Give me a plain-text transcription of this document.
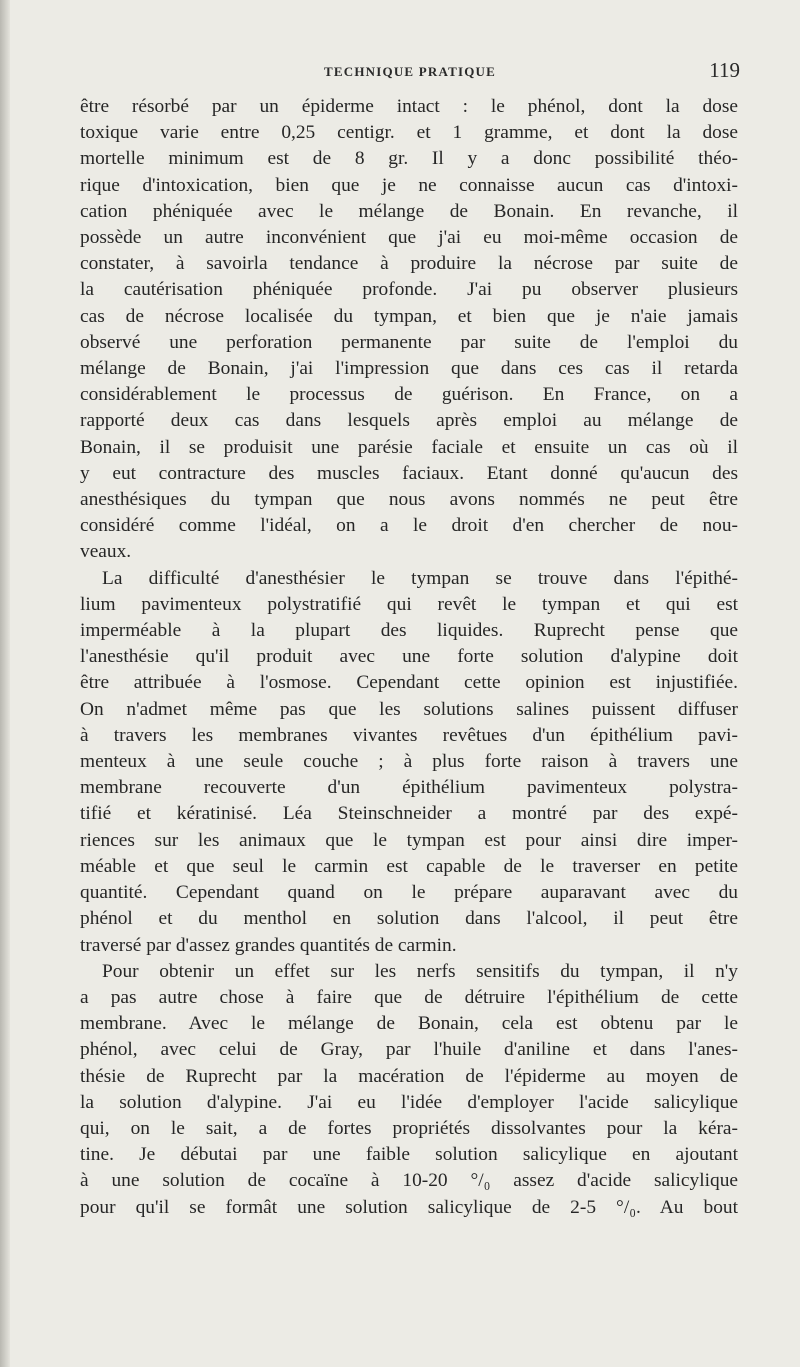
TECHNIQUE PRATIQUE	119
être résorbé par un épiderme intact : le phénol, dont la dose
toxique varie entre 0,25 centigr. et 1 gramme, et dont la dose
mortelle minimum est de 8 gr. Il y a donc possibilité théo-
rique d'intoxication, bien que je ne connaisse aucun cas d'intoxi-
cation phéniquée avec le mélange de Bonain. En revanche, il
possède un autre inconvénient que j'ai eu moi-même occasion de
constater, à savoirla tendance à produire la nécrose par suite de
la cautérisation phéniquée profonde. J'ai pu observer plusieurs
cas de nécrose localisée du tympan, et bien que je n'aie jamais
observé une perforation permanente par suite de l'emploi du
mélange de Bonain, j'ai l'impression que dans ces cas il retarda
considérablement le processus de guérison. En France, on a
rapporté deux cas dans lesquels après emploi au mélange de
Bonain, il se produisit une parésie faciale et ensuite un cas où il
y eut contracture des muscles faciaux. Etant donné qu'aucun des
anesthésiques du tympan que nous avons nommés ne peut être
considéré comme l'idéal, on a le droit d'en chercher de nou-
veaux.
La difficulté d'anesthésier le tympan se trouve dans l'épithé-
lium pavimenteux polystratifié qui revêt le tympan et qui est
imperméable à la plupart des liquides. Ruprecht pense que
l'anesthésie qu'il produit avec une forte solution d'alypine doit
être attribuée à l'osmose. Cependant cette opinion est injustifiée.
On n'admet même pas que les solutions salines puissent diffuser
à travers les membranes vivantes revêtues d'un épithélium pavi-
menteux à une seule couche ; à plus forte raison à travers une
membrane recouverte d'un épithélium pavimenteux polystra-
tifié et kératinisé. Léa Steinschneider a montré par des expé-
riences sur les animaux que le tympan est pour ainsi dire imper-
méable et que seul le carmin est capable de le traverser en petite
quantité. Cependant quand on le prépare auparavant avec du
phénol et du menthol en solution dans l'alcool, il peut être
traversé par d'assez grandes quantités de carmin.
Pour obtenir un effet sur les nerfs sensitifs du tympan, il n'y
a pas autre chose à faire que de détruire l'épithélium de cette
membrane. Avec le mélange de Bonain, cela est obtenu par le
phénol, avec celui de Gray, par l'huile d'aniline et dans l'anes-
thésie de Ruprecht par la macération de l'épiderme au moyen de
la solution d'alypine. J'ai eu l'idée d'employer l'acide salicylique
qui, on le sait, a de fortes propriétés dissolvantes pour la kéra-
tine. Je débutai par une faible solution salicylique en ajoutant
à une solution de cocaïne à 10-20 °/₀ assez d'acide salicylique
pour qu'il se formât une solution salicylique de 2-5 °/₀. Au bout
